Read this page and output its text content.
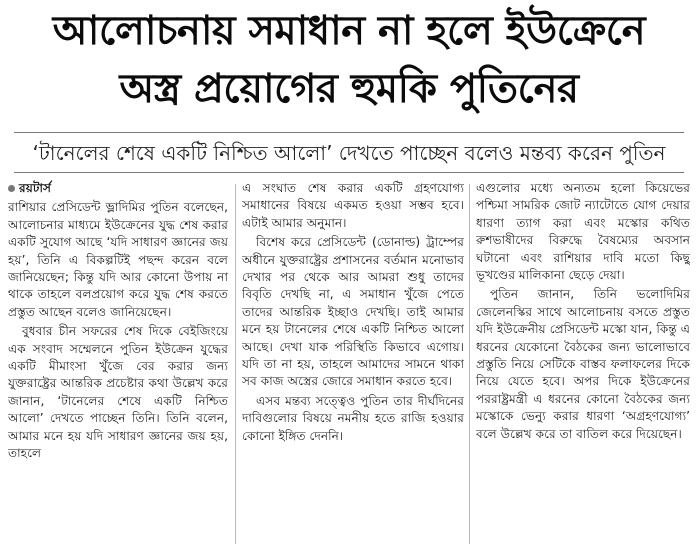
আলোচনায় সমাধান না হলে ইউক্রেনে
অস্ত্র প্রয়োগের হুমকি পুতিনের
‘টানেলের শেষে একটি নিশ্চিত আলো’ দেখতে পাচ্ছেন বলেও মন্তব্য করেন পুতিন

রয়টার্স

রাশিয়ার প্রেসিডেন্ট ভ্লাদিমির পুতিন বলেছেন, আলোচনার মাধ্যমে ইউক্রেনের যুদ্ধ শেষ করার একটি সুযোগ আছে ‘যদি সাধারণ জ্ঞানের জয় হয়’, তিনি এ বিকল্পটিই পছন্দ করেন বলে জানিয়েছেন; কিন্তু যদি আর কোনো উপায় না থাকে তাহলে বলপ্রয়োগ করে যুদ্ধ শেষ করতে প্রস্তুত আছেন বলেও জানিয়েছেন।

বুধবার চীন সফরের শেষ দিকে বেইজিংয়ে এক সংবাদ সম্মেলনে পুতিন ইউক্রেন যুদ্ধের একটি মীমাংসা খুঁজে বের করার জন্য যুক্তরাষ্ট্রের আন্তরিক প্রচেষ্টার কথা উল্লেখ করে জানান, ‘টানেলের শেষে একটি নিশ্চিত আলো’ দেখতে পাচ্ছেন তিনি। তিনি বলেন, আমার মনে হয় যদি সাধারণ জ্ঞানের জয় হয়, তাহলে

এ সংঘাত শেষ করার একটি গ্রহণযোগ্য সমাধানের বিষয়ে একমত হওয়া সম্ভব হবে। এটাই আমার অনুমান।

বিশেষ করে প্রেসিডেন্ট (ডোনাল্ড) ট্রাম্পের অধীনে যুক্তরাষ্ট্রের প্রশাসনের বর্তমান মনোভাব দেখার পর থেকে আর আমরা শুধু তাদের বিবৃতি দেখছি না, এ সমাধান খুঁজে পেতে তাদের আন্তরিক ইচ্ছাও দেখছি। তাই আমার মনে হয় টানেলের শেষে একটি নিশ্চিত আলো আছে। দেখা যাক পরিস্থিতি কিভাবে এগোয়। যদি তা না হয়, তাহলে আমাদের সামনে থাকা সব কাজ অস্ত্রের জোরে সমাধান করতে হবে।

এসব মন্তব্য সত্ত্বেও পুতিন তার দীর্ঘদিনের দাবিগুলোর বিষয়ে নমনীয় হতে রাজি হওয়ার কোনো ইঙ্গিত দেননি।

এগুলোর মধ্যে অন্যতম হলো কিয়েভের পশ্চিমা সামরিক জোট ন্যাটোতে যোগ দেয়ার ধারণা ত্যাগ করা এবং মস্কোর কথিত রুশভাষীদের বিরুদ্ধে বৈষম্যের অবসান ঘটানো এবং রাশিয়ার দাবি মতো কিছু ভূখণ্ডের মালিকানা ছেড়ে দেয়া।

পুতিন জানান, তিনি ভলোদিমির জেলেনস্কির সাথে আলোচনায় বসতে প্রস্তুত যদি ইউক্রেনীয় প্রেসিডেন্ট মস্কো যান, কিন্তু এ ধরনের যেকোনো বৈঠকের জন্য ভালোভাবে প্রস্তুতি নিয়ে সেটিকে বাস্তব ফলাফলের দিকে নিয়ে যেতে হবে। অপর দিকে ইউক্রেনের পররাষ্ট্রমন্ত্রী এ ধরনের কোনো বৈঠকের জন্য মস্কোকে ভেন্যু করার ধারণা ‘অগ্রহণযোগ্য’ বলে উল্লেখ করে তা বাতিল করে দিয়েছেন।
